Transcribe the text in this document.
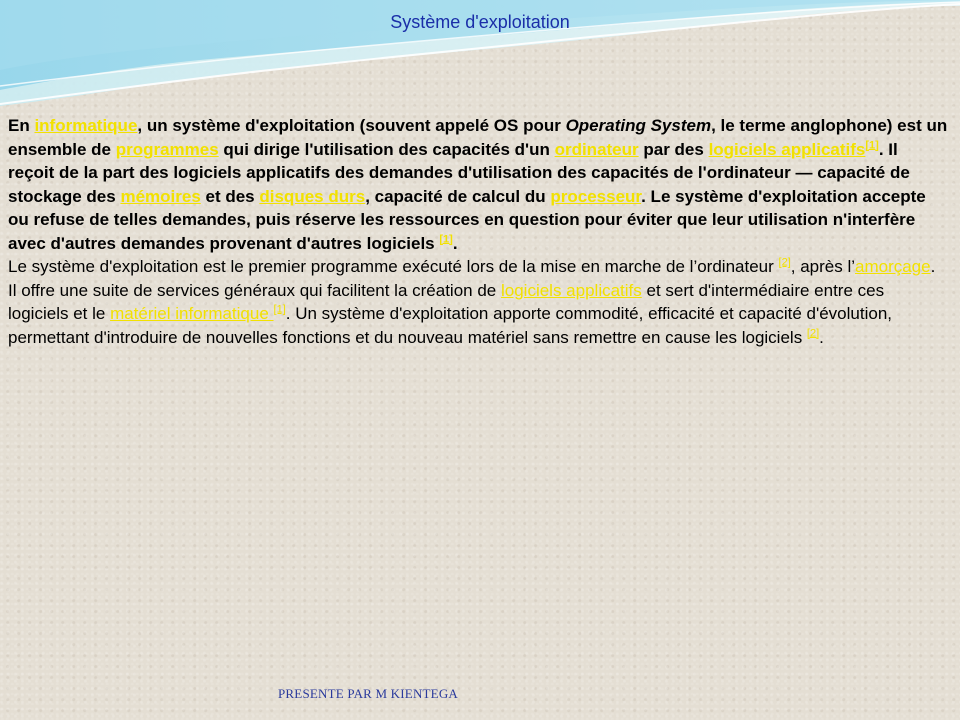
Système d'exploitation
En informatique, un système d'exploitation (souvent appelé OS pour Operating System, le terme anglophone) est un ensemble de programmes qui dirige l'utilisation des capacités d'un ordinateur par des logiciels applicatifs[1]. Il reçoit de la part des logiciels applicatifs des demandes d'utilisation des capacités de l'ordinateur — capacité de stockage des mémoires et des disques durs, capacité de calcul du processeur. Le système d'exploitation accepte ou refuse de telles demandes, puis réserve les ressources en question pour éviter que leur utilisation n'interfère avec d'autres demandes provenant d'autres logiciels [1].
Le système d'exploitation est le premier programme exécuté lors de la mise en marche de l’ordinateur [2], après l’amorçage. Il offre une suite de services généraux qui facilitent la création de logiciels applicatifs et sert d'intermédiaire entre ces logiciels et le matériel informatique [1]. Un système d'exploitation apporte commodité, efficacité et capacité d'évolution, permettant d'introduire de nouvelles fonctions et du nouveau matériel sans remettre en cause les logiciels [2].
PRESENTE PAR M KIENTEGA
